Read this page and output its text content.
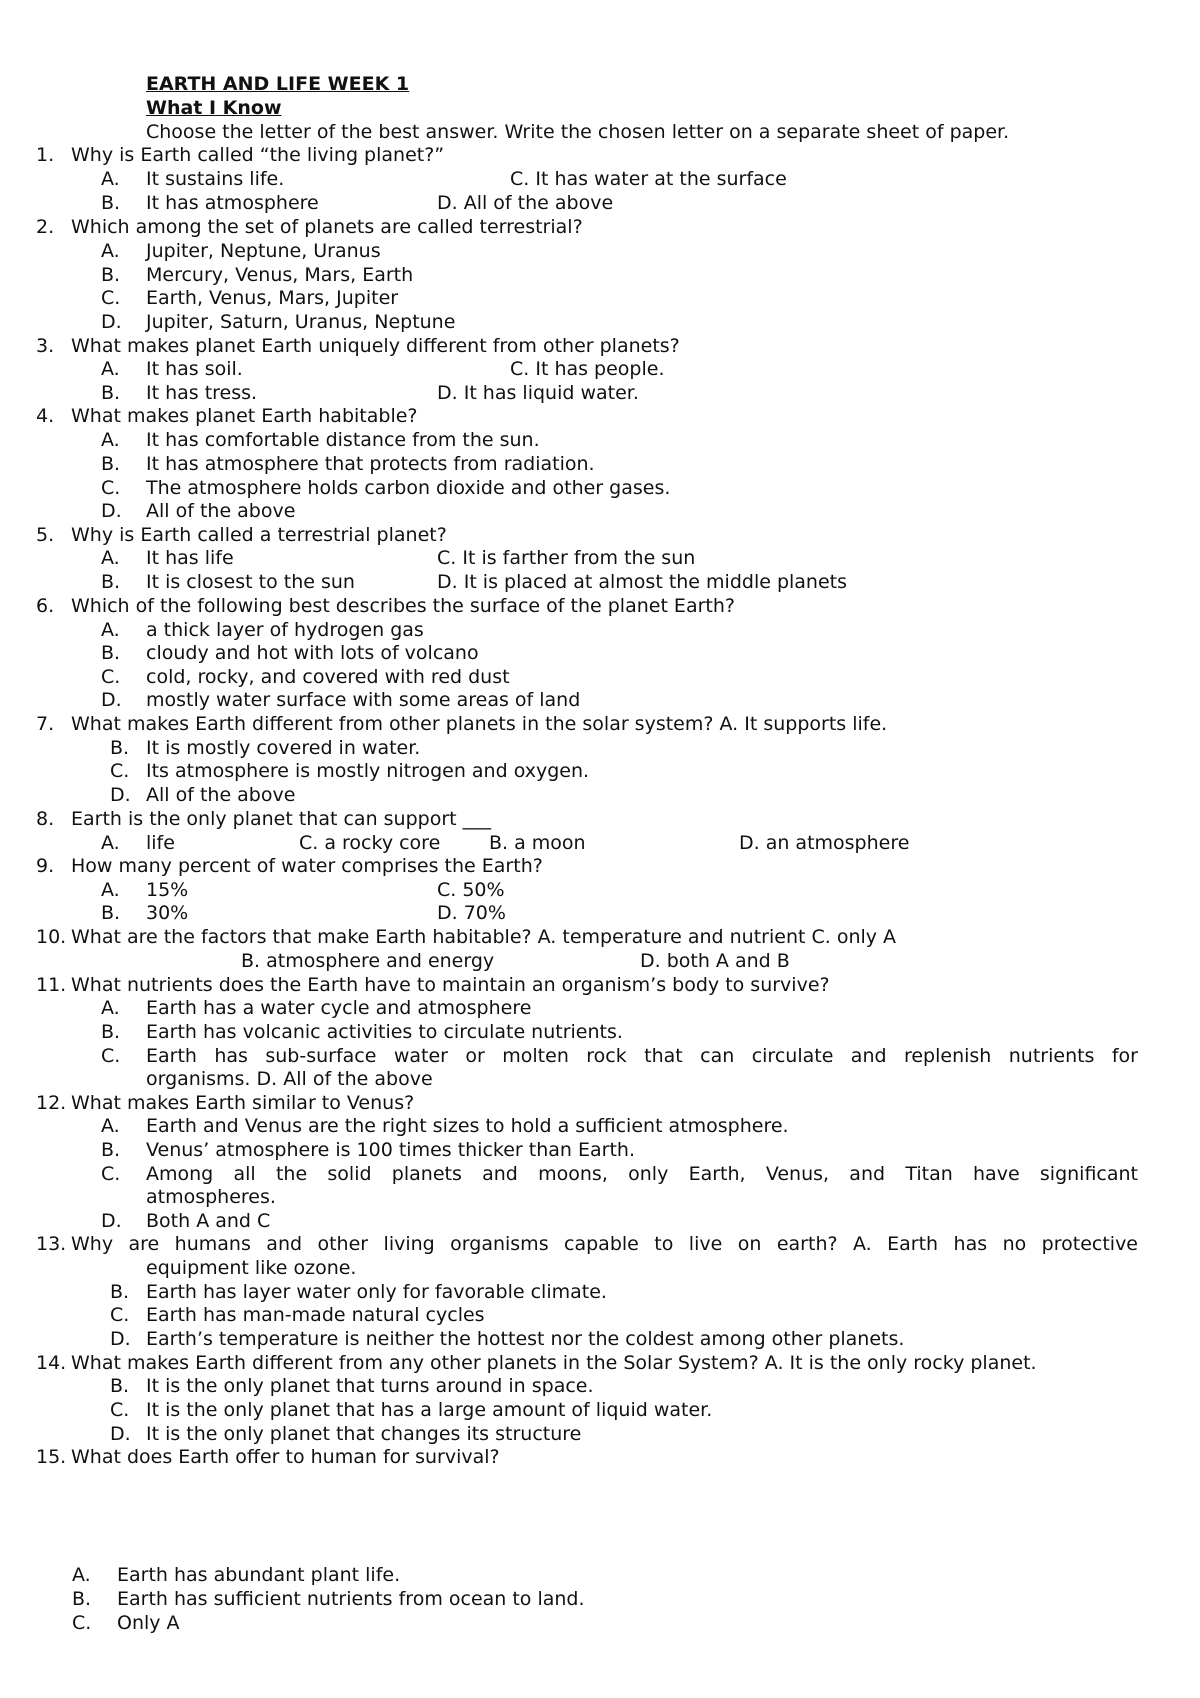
EARTH AND LIFE WEEK 1
What I Know
Choose the letter of the best answer. Write the chosen letter on a separate sheet of paper.
1. Why is Earth called “the living planet?”
A. It sustains life.	C. It has water at the surface
B. It has atmosphere	D. All of the above
2. Which among the set of planets are called terrestrial?
A. Jupiter, Neptune, Uranus
B. Mercury, Venus, Mars, Earth
C. Earth, Venus, Mars, Jupiter
D. Jupiter, Saturn, Uranus, Neptune
3. What makes planet Earth uniquely different from other planets?
A. It has soil.	C. It has people.
B. It has tress.	D. It has liquid water.
4. What makes planet Earth habitable?
A. It has comfortable distance from the sun.
B. It has atmosphere that protects from radiation.
C. The atmosphere holds carbon dioxide and other gases.
D. All of the above
5. Why is Earth called a terrestrial planet?
A. It has life	C. It is farther from the sun
B. It is closest to the sun	D. It is placed at almost the middle planets
6. Which of the following best describes the surface of the planet Earth?
A. a thick layer of hydrogen gas
B. cloudy and hot with lots of volcano
C. cold, rocky, and covered with red dust
D. mostly water surface with some areas of land
7. What makes Earth different from other planets in the solar system? A. It supports life.
B. It is mostly covered in water.
C. Its atmosphere is mostly nitrogen and oxygen.
D. All of the above
8. Earth is the only planet that can support ___
A. life	C. a rocky core	B. a moon	D. an atmosphere
9. How many percent of water comprises the Earth?
A. 15%	C. 50%
B. 30%	D. 70%
10. What are the factors that make Earth habitable? A. temperature and nutrient C. only A
B. atmosphere and energy	D. both A and B
11. What nutrients does the Earth have to maintain an organism’s body to survive?
A. Earth has a water cycle and atmosphere
B. Earth has volcanic activities to circulate nutrients.
C. Earth has sub-surface water or molten rock that can circulate and replenish nutrients for
organisms. D. All of the above
12. What makes Earth similar to Venus?
A. Earth and Venus are the right sizes to hold a sufficient atmosphere.
B. Venus’ atmosphere is 100 times thicker than Earth.
C. Among all the solid planets and moons, only Earth, Venus, and Titan have significant
atmospheres.
D. Both A and C
13. Why are humans and other living organisms capable to live on earth? A. Earth has no protective
equipment like ozone.
B. Earth has layer water only for favorable climate.
C. Earth has man-made natural cycles
D. Earth’s temperature is neither the hottest nor the coldest among other planets.
14. What makes Earth different from any other planets in the Solar System? A. It is the only rocky planet.
B. It is the only planet that turns around in space.
C. It is the only planet that has a large amount of liquid water.
D. It is the only planet that changes its structure
15. What does Earth offer to human for survival?
A. Earth has abundant plant life.
B. Earth has sufficient nutrients from ocean to land.
C. Only A
